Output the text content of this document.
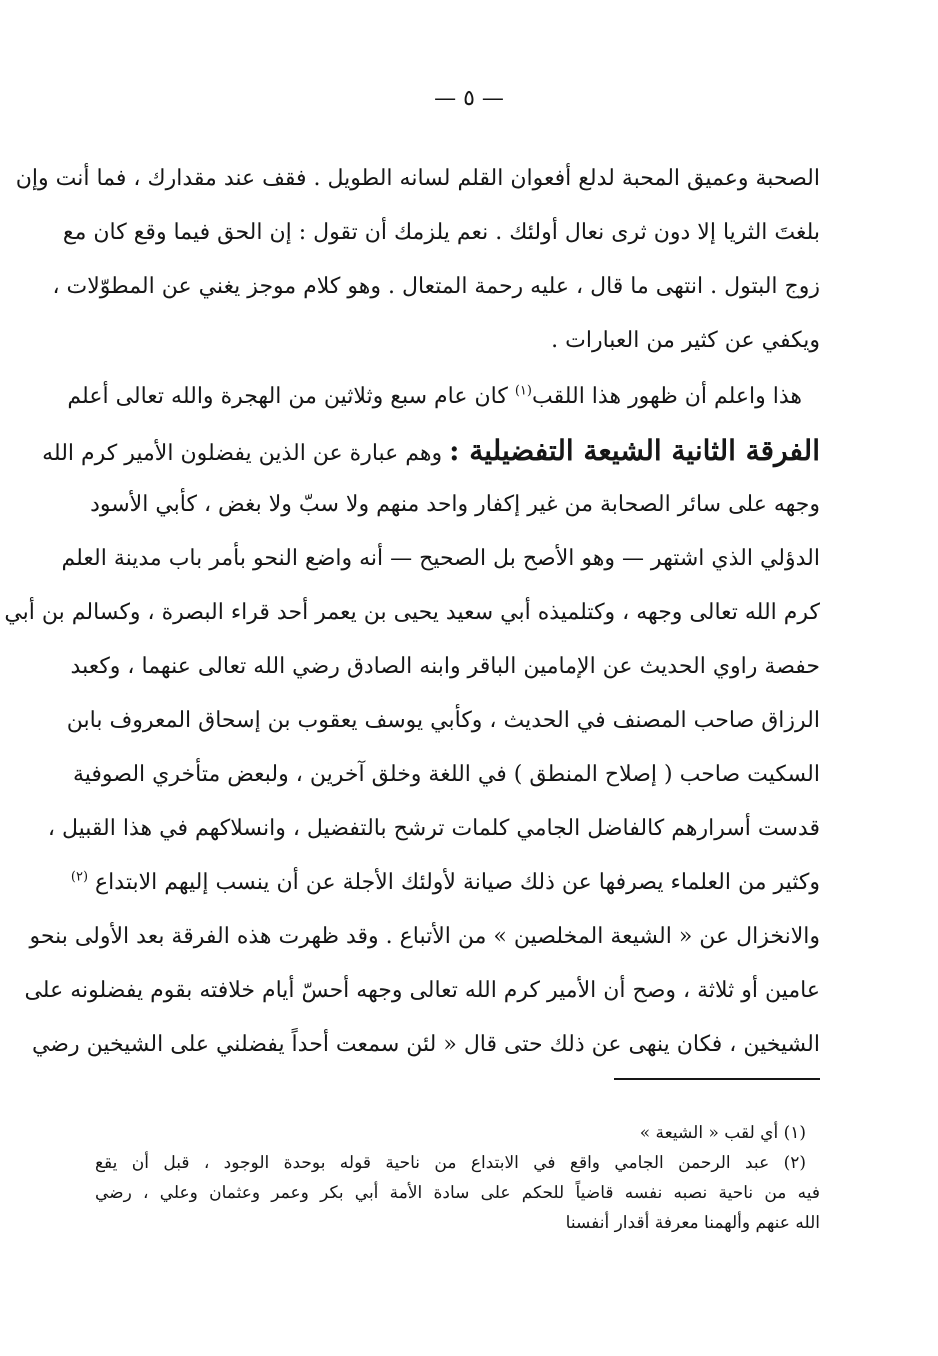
— ٥ —
الصحبة وعميق المحبة لدلع أفعوان القلم لسانه الطويل . فقف عند مقدارك ، فما أنت وإن
بلغتَ الثريا إلا دون ثرى نعال أولئك . نعم يلزمك أن تقول : إن الحق فيما وقع كان مع
زوج البتول . انتهى ما قال ، عليه رحمة المتعال . وهو كلام موجز يغني عن المطوّلات ،
ويكفي عن كثير من العبارات .
هذا واعلم أن ظهور هذا اللقب$^{(١)}$ كان عام سبع وثلاثين من الهجرة والله تعالى أعلم
الفرقة الثانية الشيعة التفضيلية : وهم عبارة عن الذين يفضلون الأمير كرم الله
وجهه على سائر الصحابة من غير إكفار واحد منهم ولا سبّ ولا بغض ، كأبي الأسود
الدؤلي الذي اشتهر — وهو الأصح بل الصحيح — أنه واضع النحو بأمر باب مدينة العلم
كرم الله تعالى وجهه ، وكتلميذه أبي سعيد يحيى بن يعمر أحد قراء البصرة ، وكسالم بن أبي
حفصة راوي الحديث عن الإمامين الباقر وابنه الصادق رضي الله تعالى عنهما ، وكعبد
الرزاق صاحب المصنف في الحديث ، وكأبي يوسف يعقوب بن إسحاق المعروف بابن
السكيت صاحب ( إصلاح المنطق ) في اللغة وخلق آخرين ، ولبعض متأخري الصوفية
قدست أسرارهم كالفاضل الجامي كلمات ترشح بالتفضيل ، وانسلاكهم في هذا القبيل ،
وكثير من العلماء يصرفها عن ذلك صيانة لأولئك الأجلة عن أن ينسب إليهم الابتداع $^{(٢)}$
والانخزال عن « الشيعة المخلصين » من الأتباع . وقد ظهرت هذه الفرقة بعد الأولى بنحو
عامين أو ثلاثة ، وصح أن الأمير كرم الله تعالى وجهه أحسّ أيام خلافته بقوم يفضلونه على
الشيخين ، فكان ينهى عن ذلك حتى قال « لئن سمعت أحداً يفضلني على الشيخين رضي
(١) أي لقب « الشيعة »
(٢) عبد الرحمن الجامي واقع في الابتداع من ناحية قوله بوحدة الوجود ، قبل أن يقع
فيه من ناحية نصبه نفسه قاضياً للحكم على سادة الأمة أبي بكر وعمر وعثمان وعلي ، رضي
الله عنهم وألهمنا معرفة أقدار أنفسنا
